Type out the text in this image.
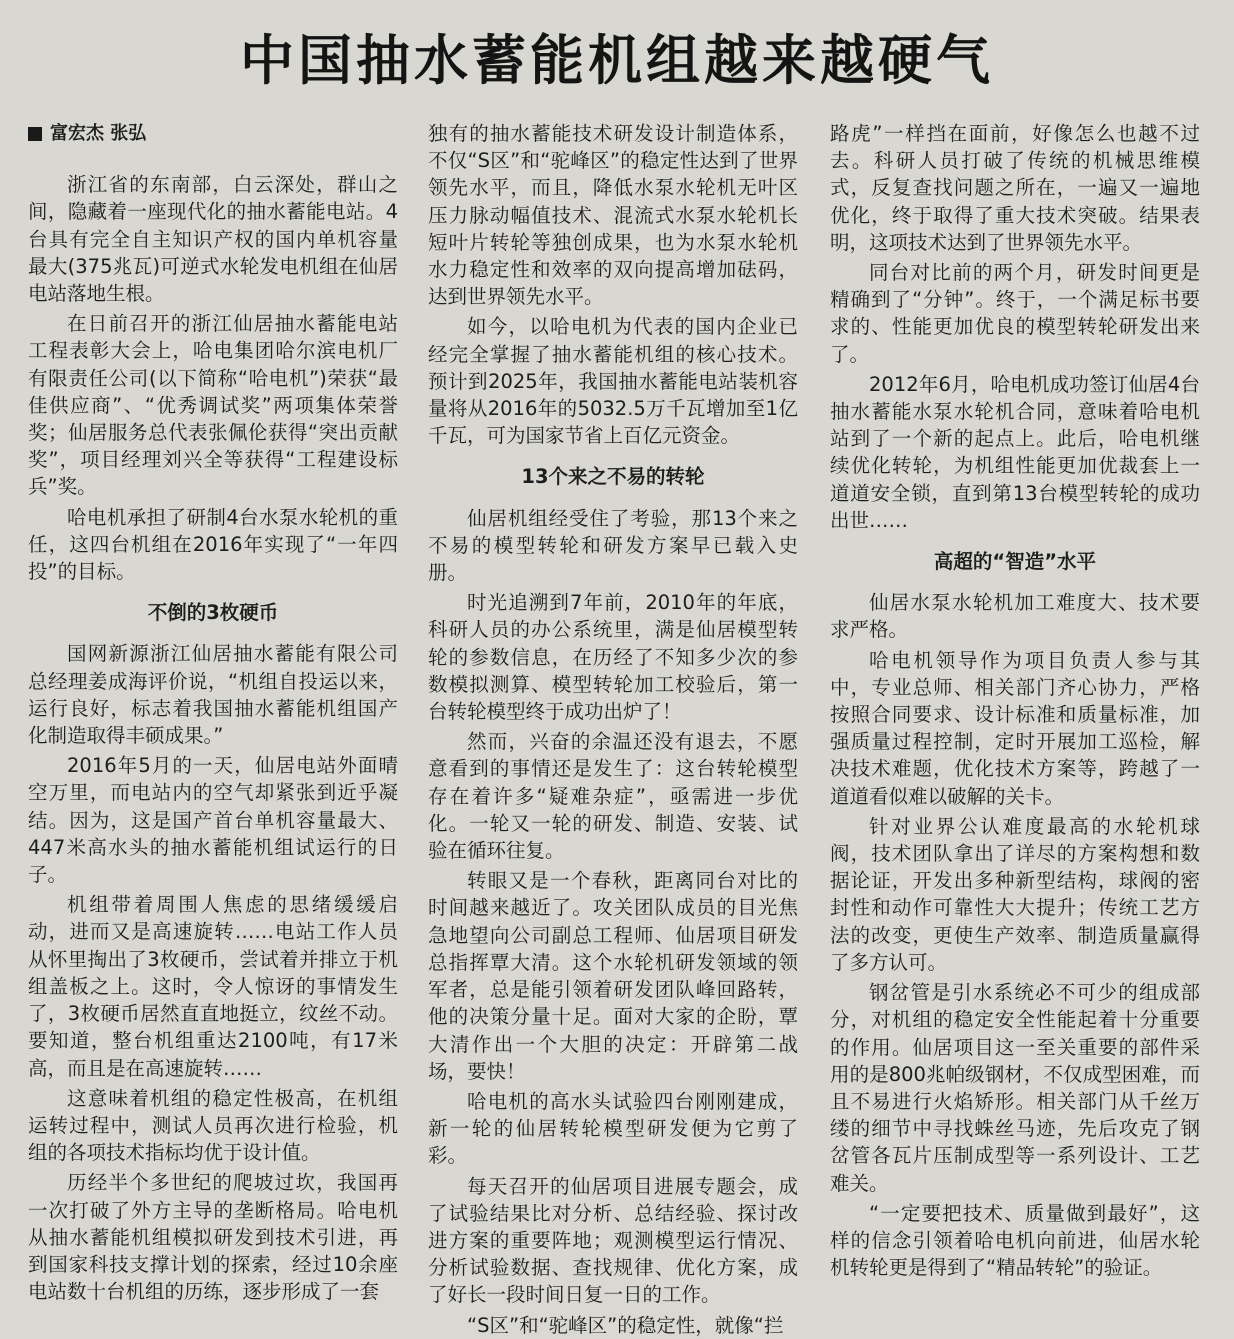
中国抽水蓄能机组越来越硬气
富宏杰 张弘

浙江省的东南部，白云深处，群山之间，隐藏着一座现代化的抽水蓄能电站。4台具有完全自主知识产权的国内单机容量最大(375兆瓦)可逆式水轮发电机组在仙居电站落地生根。

在日前召开的浙江仙居抽水蓄能电站工程表彰大会上，哈电集团哈尔滨电机厂有限责任公司(以下简称“哈电机”)荣获“最佳供应商”、“优秀调试奖”两项集体荣誉奖；仙居服务总代表张佩伦获得“突出贡献奖”，项目经理刘兴全等获得“工程建设标兵”奖。

哈电机承担了研制4台水泵水轮机的重任，这四台机组在2016年实现了“一年四投”的目标。

不倒的3枚硬币

国网新源浙江仙居抽水蓄能有限公司总经理姜成海评价说，“机组自投运以来，运行良好，标志着我国抽水蓄能机组国产化制造取得丰硕成果。”

2016年5月的一天，仙居电站外面晴空万里，而电站内的空气却紧张到近乎凝结。因为，这是国产首台单机容量最大、447米高水头的抽水蓄能机组试运行的日子。

机组带着周围人焦虑的思绪缓缓启动，进而又是高速旋转……电站工作人员从怀里掏出了3枚硬币，尝试着并排立于机组盖板之上。这时，令人惊讶的事情发生了，3枚硬币居然直直地挺立，纹丝不动。要知道，整台机组重达2100吨，有17米高，而且是在高速旋转……

这意味着机组的稳定性极高，在机组运转过程中，测试人员再次进行检验，机组的各项技术指标均优于设计值。

历经半个多世纪的爬坡过坎，我国再一次打破了外方主导的垄断格局。哈电机从抽水蓄能机组模拟研发到技术引进，再到国家科技支撑计划的探索，经过10余座电站数十台机组的历练，逐步形成了一套

独有的抽水蓄能技术研发设计制造体系，不仅“S区”和“驼峰区”的稳定性达到了世界领先水平，而且，降低水泵水轮机无叶区压力脉动幅值技术、混流式水泵水轮机长短叶片转轮等独创成果，也为水泵水轮机水力稳定性和效率的双向提高增加砝码，达到世界领先水平。

如今，以哈电机为代表的国内企业已经完全掌握了抽水蓄能机组的核心技术。预计到2025年，我国抽水蓄能电站装机容量将从2016年的5032.5万千瓦增加至1亿千瓦，可为国家节省上百亿元资金。

13个来之不易的转轮

仙居机组经受住了考验，那13个来之不易的模型转轮和研发方案早已载入史册。

时光追溯到7年前，2010年的年底，科研人员的办公系统里，满是仙居模型转轮的参数信息，在历经了不知多少次的参数模拟测算、模型转轮加工校验后，第一台转轮模型终于成功出炉了！

然而，兴奋的余温还没有退去，不愿意看到的事情还是发生了：这台转轮模型存在着许多“疑难杂症”，亟需进一步优化。一轮又一轮的研发、制造、安装、试验在循环往复。

转眼又是一个春秋，距离同台对比的时间越来越近了。攻关团队成员的目光焦急地望向公司副总工程师、仙居项目研发总指挥覃大清。这个水轮机研发领域的领军者，总是能引领着研发团队峰回路转，他的决策分量十足。面对大家的企盼，覃大清作出一个大胆的决定：开辟第二战场，要快！

哈电机的高水头试验四台刚刚建成，新一轮的仙居转轮模型研发便为它剪了彩。

每天召开的仙居项目进展专题会，成了试验结果比对分析、总结经验、探讨改进方案的重要阵地；观测模型运行情况、分析试验数据、查找规律、优化方案，成了好长一段时间日复一日的工作。

“S区”和“驼峰区”的稳定性，就像“拦

路虎”一样挡在面前，好像怎么也越不过去。科研人员打破了传统的机械思维模式，反复查找问题之所在，一遍又一遍地优化，终于取得了重大技术突破。结果表明，这项技术达到了世界领先水平。

同台对比前的两个月，研发时间更是精确到了“分钟”。终于，一个满足标书要求的、性能更加优良的模型转轮研发出来了。

2012年6月，哈电机成功签订仙居4台抽水蓄能水泵水轮机合同，意味着哈电机站到了一个新的起点上。此后，哈电机继续优化转轮，为机组性能更加优裁套上一道道安全锁，直到第13台模型转轮的成功出世……

高超的“智造”水平

仙居水泵水轮机加工难度大、技术要求严格。

哈电机领导作为项目负责人参与其中，专业总师、相关部门齐心协力，严格按照合同要求、设计标准和质量标准，加强质量过程控制，定时开展加工巡检，解决技术难题，优化技术方案等，跨越了一道道看似难以破解的关卡。

针对业界公认难度最高的水轮机球阀，技术团队拿出了详尽的方案构想和数据论证，开发出多种新型结构，球阀的密封性和动作可靠性大大提升；传统工艺方法的改变，更使生产效率、制造质量赢得了多方认可。

钢岔管是引水系统必不可少的组成部分，对机组的稳定安全性能起着十分重要的作用。仙居项目这一至关重要的部件采用的是800兆帕级钢材，不仅成型困难，而且不易进行火焰矫形。相关部门从千丝万缕的细节中寻找蛛丝马迹，先后攻克了钢岔管各瓦片压制成型等一系列设计、工艺难关。

“一定要把技术、质量做到最好”，这样的信念引领着哈电机向前进，仙居水轮机转轮更是得到了“精品转轮”的验证。
